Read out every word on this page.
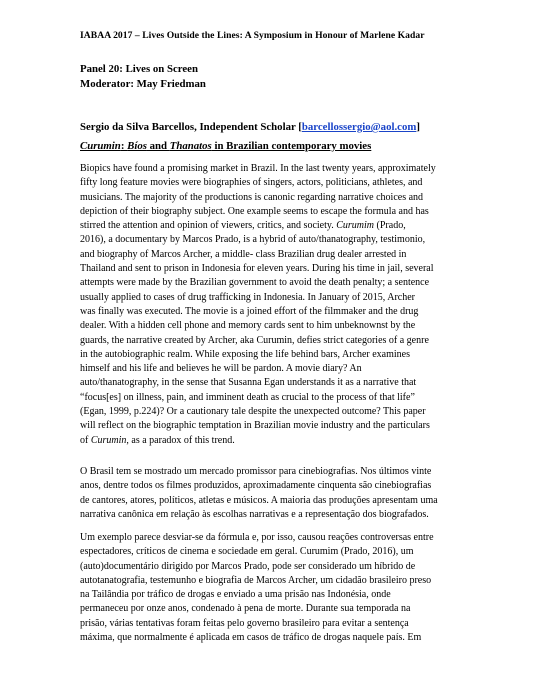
IABAA 2017 – Lives Outside the Lines: A Symposium in Honour of Marlene Kadar
Panel 20: Lives on Screen
Moderator: May Friedman
Sergio da Silva Barcellos, Independent Scholar [barcellossergio@aol.com]
Curumin: Bíos and Thanatos in Brazilian contemporary movies
Biopics have found a promising market in Brazil. In the last twenty years, approximately
fifty long feature movies were biographies of singers, actors, politicians, athletes, and
musicians. The majority of the productions is canonic regarding narrative choices and
depiction of their biography subject. One example seems to escape the formula and has
stirred the attention and opinion of viewers, critics, and society. Curumim (Prado,
2016), a documentary by Marcos Prado, is a hybrid of auto/thanatography, testimonio,
and biography of Marcos Archer, a middle- class Brazilian drug dealer arrested in
Thailand and sent to prison in Indonesia for eleven years. During his time in jail, several
attempts were made by the Brazilian government to avoid the death penalty; a sentence
usually applied to cases of drug trafficking in Indonesia. In January of 2015, Archer
was finally was executed. The movie is a joined effort of the filmmaker and the drug
dealer. With a hidden cell phone and memory cards sent to him unbeknownst by the
guards, the narrative created by Archer, aka Curumin, defies strict categories of a genre
in the autobiographic realm. While exposing the life behind bars, Archer examines
himself and his life and believes he will be pardon. A movie diary? An
auto/thanatography, in the sense that Susanna Egan understands it as a narrative that
“focus[es] on illness, pain, and imminent death as crucial to the process of that life”
(Egan, 1999, p.224)? Or a cautionary tale despite the unexpected outcome? This paper
will reflect on the biographic temptation in Brazilian movie industry and the particulars
of Curumin, as a paradox of this trend.
O Brasil tem se mostrado um mercado promissor para cinebiografias. Nos últimos vinte
anos, dentre todos os filmes produzidos, aproximadamente cinquenta são cinebiografias
de cantores, atores, políticos, atletas e músicos. A maioria das produções apresentam uma
narrativa canônica em relação às escolhas narrativas e a representação dos biografados.
Um exemplo parece desviar-se da fórmula e, por isso, causou reações controversas entre
espectadores, críticos de cinema e sociedade em geral. Curumim (Prado, 2016), um
(auto)documentário dirigido por Marcos Prado, pode ser considerado um híbrido de
autotanatografia, testemunho e biografia de Marcos Archer, um cidadão brasileiro preso
na Tailândia por tráfico de drogas e enviado a uma prisão nas Indonésia, onde
permaneceu por onze anos, condenado à pena de morte. Durante sua temporada na
prisão, várias tentativas foram feitas pelo governo brasileiro para evitar a sentença
máxima, que normalmente é aplicada em casos de tráfico de drogas naquele país. Em
